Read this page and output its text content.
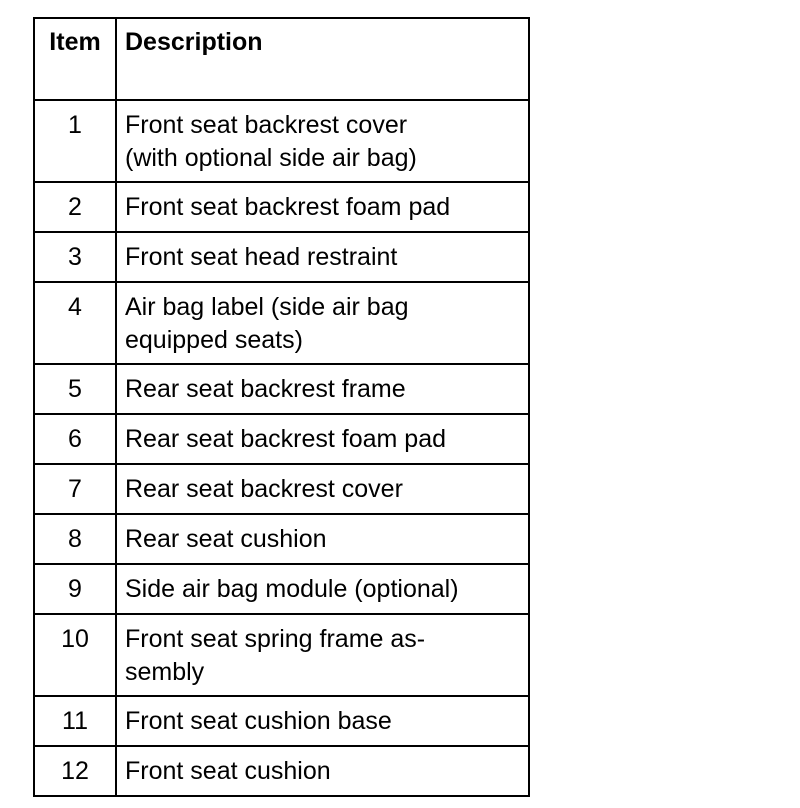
Item	Description
1	Front seat backrest cover
(with optional side air bag)

2	Front seat backrest foam pad

3	Front seat head restraint

4	Air bag label (side air bag
equipped seats)

5	Rear seat backrest frame

6	Rear seat backrest foam pad

7	Rear seat backrest cover

8	Rear seat cushion

9	Side air bag module (optional)

10	Front seat spring frame as-
sembly

11	Front seat cushion base

12	Front seat cushion
